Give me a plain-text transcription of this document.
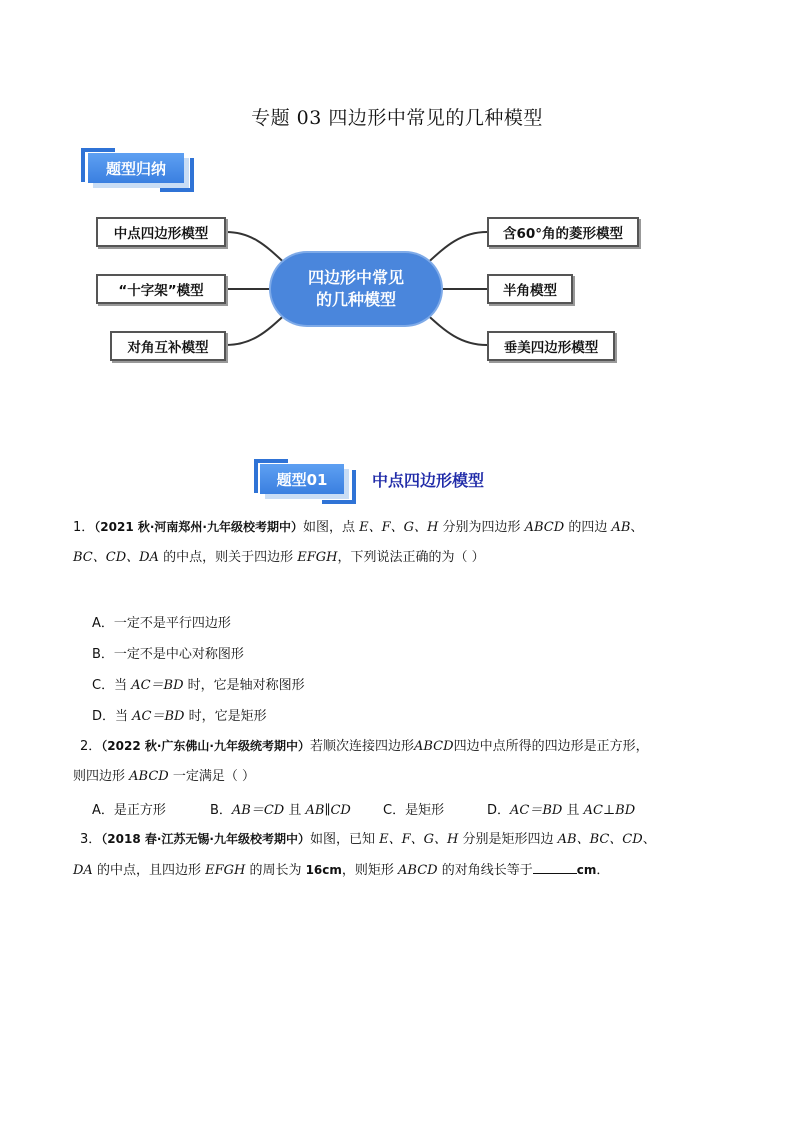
专题 03 四边形中常见的几种模型
题型归纳
中点四边形模型
“十字架”模型
对角互补模型
四边形中常见
的几种模型
含60°角的菱形模型
半角模型
垂美四边形模型
题型01	中点四边形模型
1．（2021 秋·河南郑州·九年级校考期中）如图，点 E、F、G、H 分别为四边形 ABCD 的四边 AB、
BC、CD、DA 的中点，则关于四边形 EFGH，下列说法正确的为（ ）
A．一定不是平行四边形
B．一定不是中心对称图形
C．当 AC＝BD 时，它是轴对称图形
D．当 AC＝BD 时，它是矩形
2．（2022 秋·广东佛山·九年级统考期中）若顺次连接四边形ABCD四边中点所得的四边形是正方形，
则四边形 ABCD 一定满足（ ）
A．是正方形	B．AB＝CD 且 AB∥CD C．是矩形	D．AC＝BD 且 AC⊥BD
3．（2018 春·江苏无锡·九年级校考期中）如图，已知 E、F、G、H 分别是矩形四边 AB、BC、CD、
DA 的中点，且四边形 EFGH 的周长为 16cm，则矩形 ABCD 的对角线长等于	cm．
